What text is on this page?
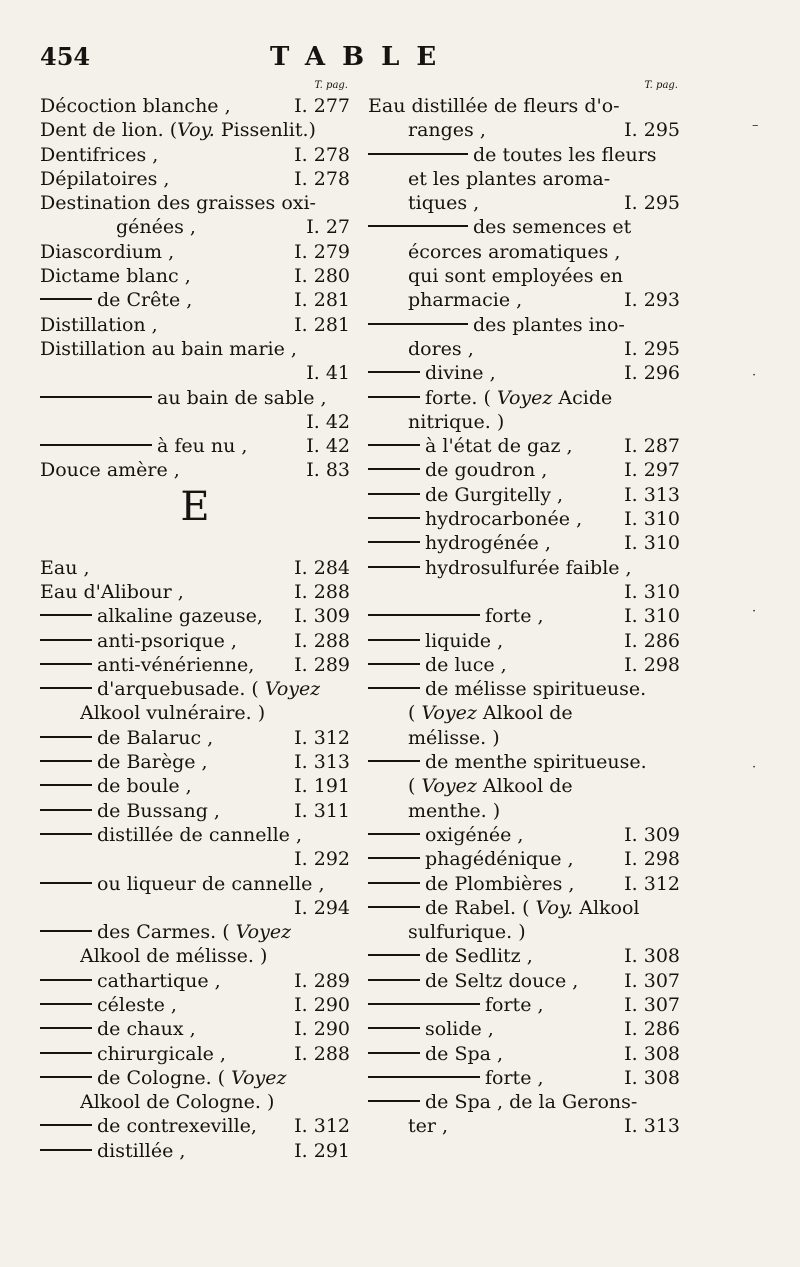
454	TABLE
T. pag.
Décoction blanche ,	I. 277
Dent de lion. (Voy. Pissenlit.)
Dentifrices ,	I. 278
Dépilatoires ,	I. 278
Destination des graisses oxi-
génées ,	I. 27
Diascordium ,	I. 279
Dictame blanc ,	I. 280
de Crête ,	I. 281
Distillation ,	I. 281
Distillation au bain marie ,
I. 41
au bain de sable ,
I. 42
à feu nu ,	I. 42
Douce amère ,	I. 83
E
Eau ,	I. 284
Eau d'Alibour ,	I. 288
alkaline gazeuse,	I. 309
anti-psorique ,	I. 288
anti-vénérienne,	I. 289
d'arquebusade. ( Voyez
Alkool vulnéraire. )
de Balaruc ,	I. 312
de Barège ,	I. 313
de boule ,	I. 191
de Bussang ,	I. 311
distillée de cannelle ,
I. 292
ou liqueur de cannelle ,
I. 294
des Carmes. ( Voyez
Alkool de mélisse. )
cathartique ,	I. 289
céleste ,	I. 290
de chaux ,	I. 290
chirurgicale ,	I. 288
de Cologne. ( Voyez
Alkool de Cologne. )
de contrexeville,	I. 312
distillée ,	I. 291
T. pag.
Eau distillée de fleurs d'o-
ranges ,	I. 295
de toutes les fleurs
et les plantes aroma-
tiques ,	I. 295
des semences et
écorces aromatiques ,
qui sont employées en
pharmacie ,	I. 293
des plantes ino-
dores ,	I. 295
divine ,	I. 296
forte. ( Voyez Acide
nitrique. )
à l'état de gaz ,	I. 287
de goudron ,	I. 297
de Gurgitelly ,	I. 313
hydrocarbonée ,	I. 310
hydrogénée ,	I. 310
hydrosulfurée faible ,
I. 310
forte ,	I. 310
liquide ,	I. 286
de luce ,	I. 298
de mélisse spiritueuse.
( Voyez Alkool de
mélisse. )
de menthe spiritueuse.
( Voyez Alkool de
menthe. )
oxigénée ,	I. 309
phagédénique ,	I. 298
de Plombières ,	I. 312
de Rabel. ( Voy. Alkool
sulfurique. )
de Sedlitz ,	I. 308
de Seltz douce ,	I. 307
forte ,	I. 307
solide ,	I. 286
de Spa ,	I. 308
forte ,	I. 308
de Spa , de la Gerons-
ter ,	I. 313
–
·
·
·
